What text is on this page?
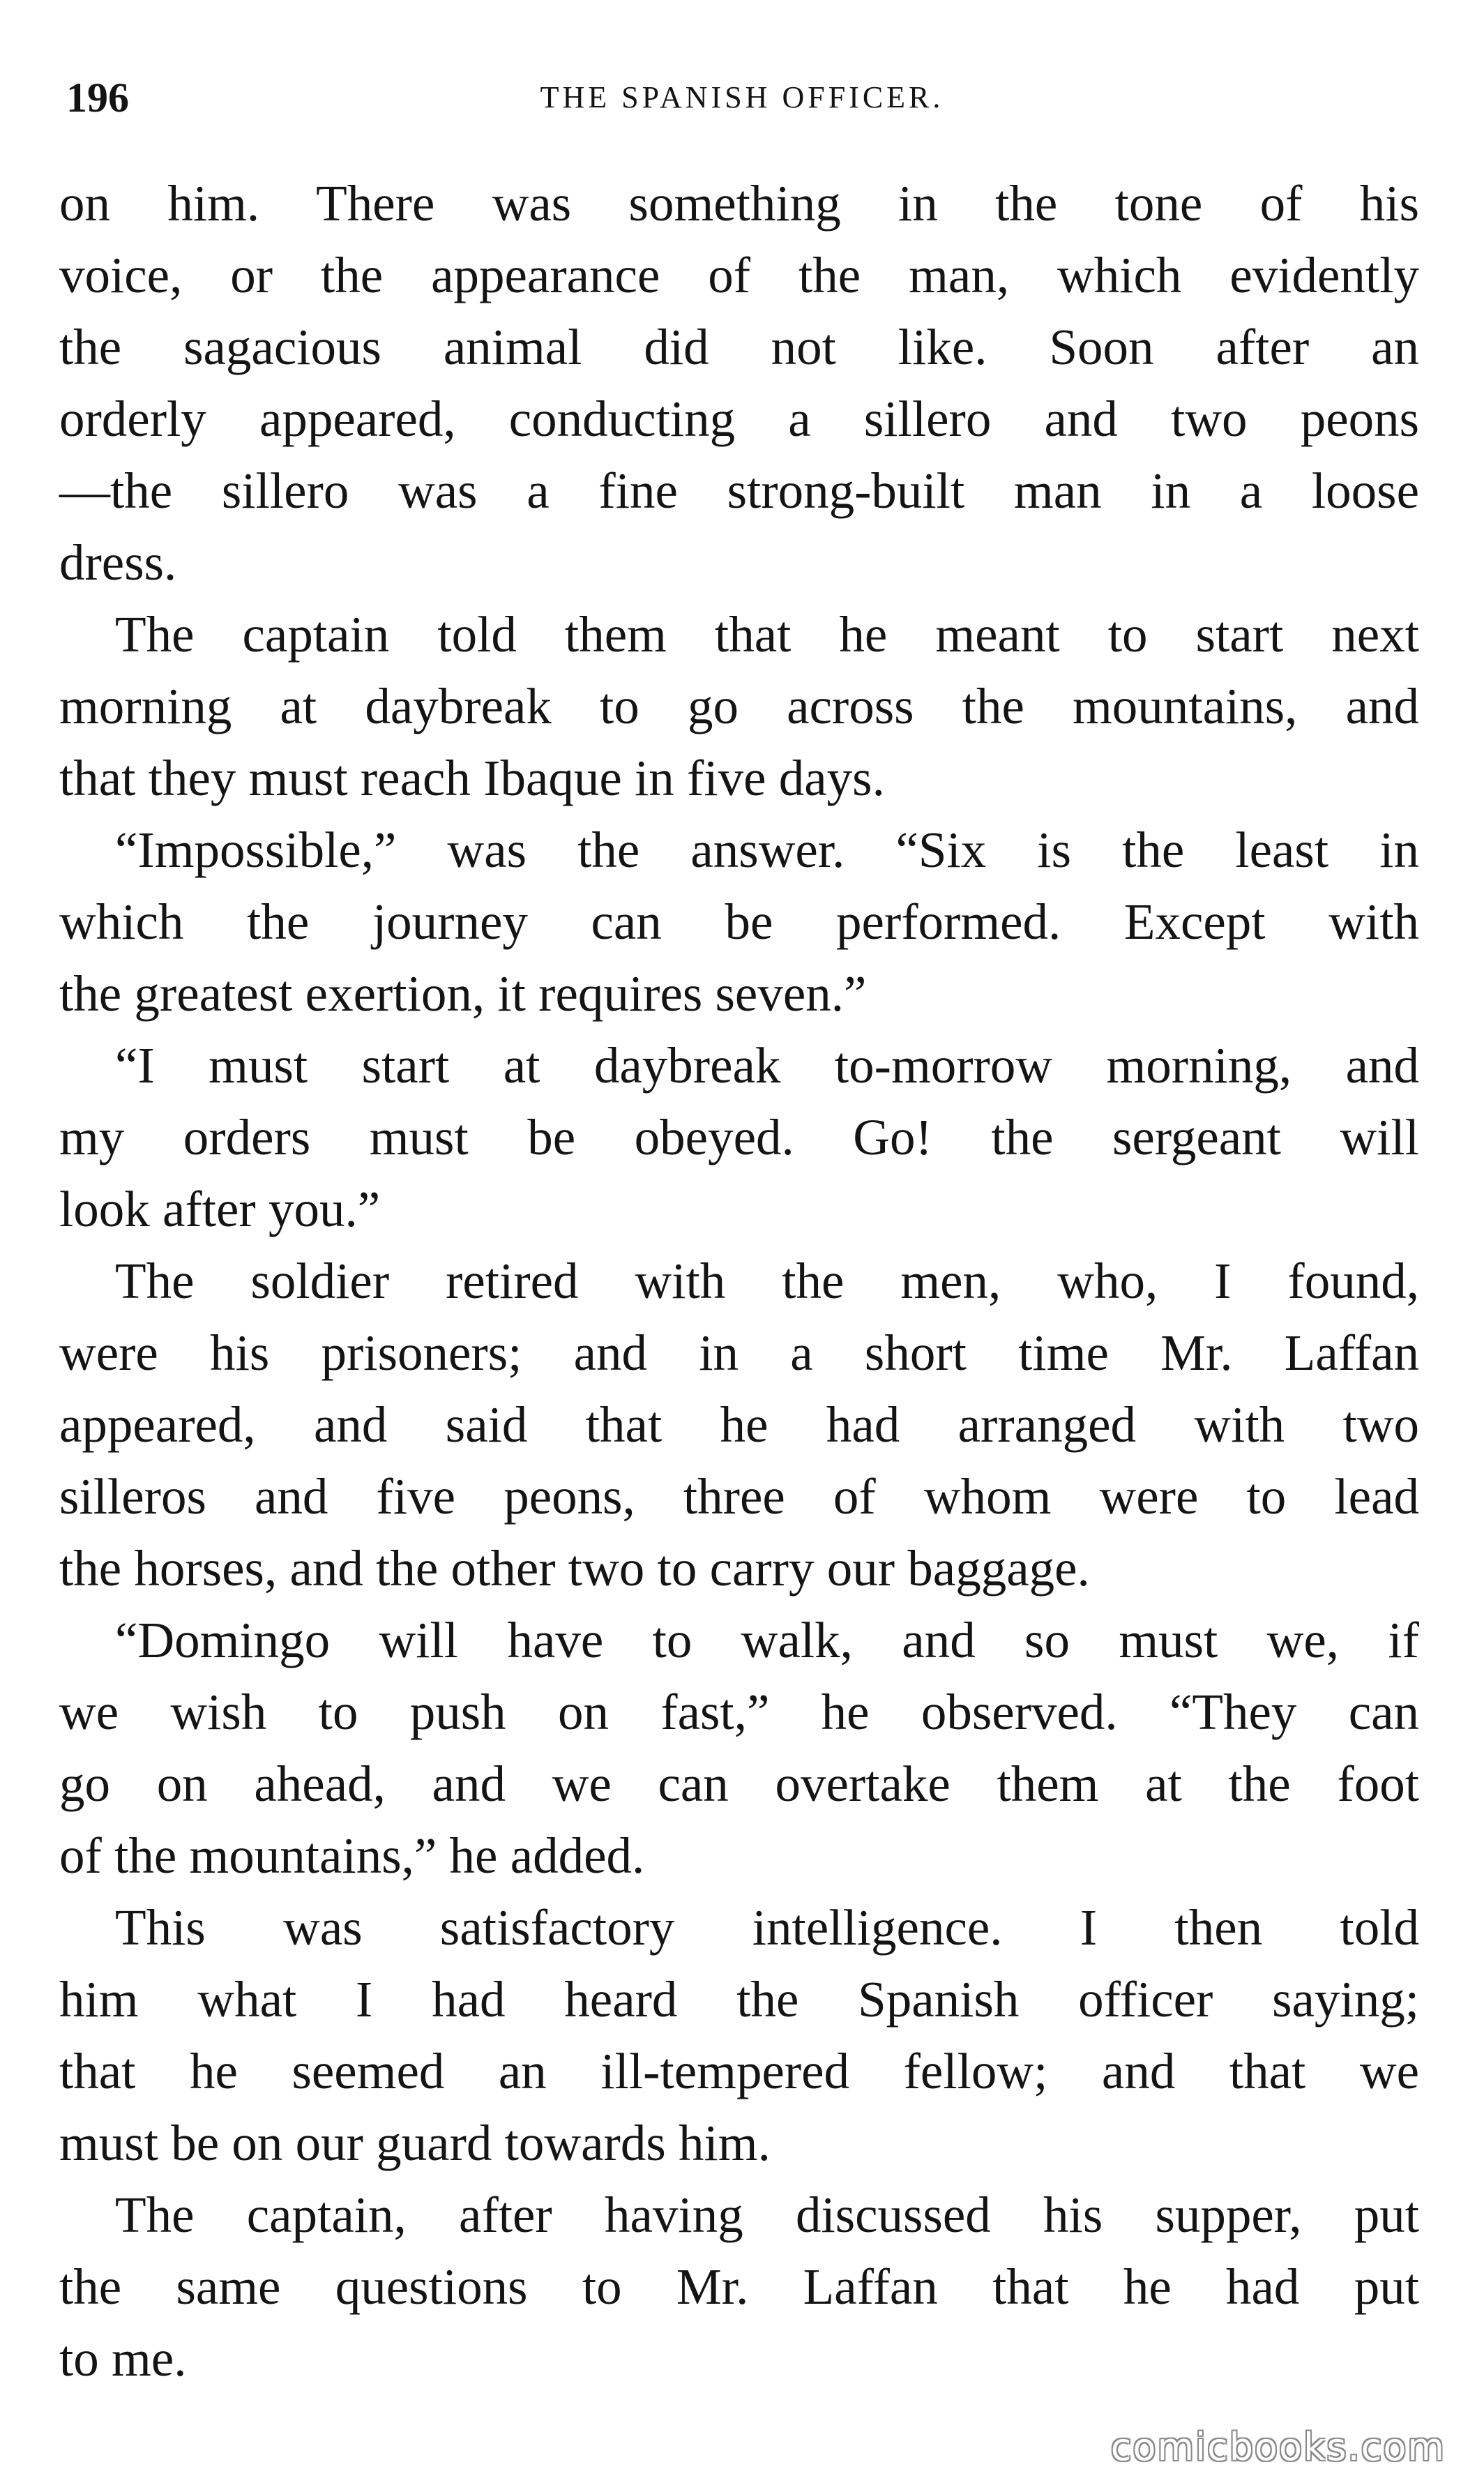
196	THE SPANISH OFFICER.
on him. There was something in the tone of his
voice, or the appearance of the man, which evidently
the sagacious animal did not like. Soon after an
orderly appeared, conducting a sillero and two peons
—the sillero was a fine strong-built man in a loose
dress.
The captain told them that he meant to start next
morning at daybreak to go across the mountains, and
that they must reach Ibaque in five days.
“Impossible,” was the answer. “Six is the least in
which the journey can be performed. Except with
the greatest exertion, it requires seven.”
“I must start at daybreak to-morrow morning, and
my orders must be obeyed. Go! the sergeant will
look after you.”
The soldier retired with the men, who, I found,
were his prisoners; and in a short time Mr. Laffan
appeared, and said that he had arranged with two
silleros and five peons, three of whom were to lead
the horses, and the other two to carry our baggage.
“Domingo will have to walk, and so must we, if
we wish to push on fast,” he observed. “They can
go on ahead, and we can overtake them at the foot
of the mountains,” he added.
This was satisfactory intelligence. I then told
him what I had heard the Spanish officer saying;
that he seemed an ill-tempered fellow; and that we
must be on our guard towards him.
The captain, after having discussed his supper, put
the same questions to Mr. Laffan that he had put
to me.
comicbooks.com
